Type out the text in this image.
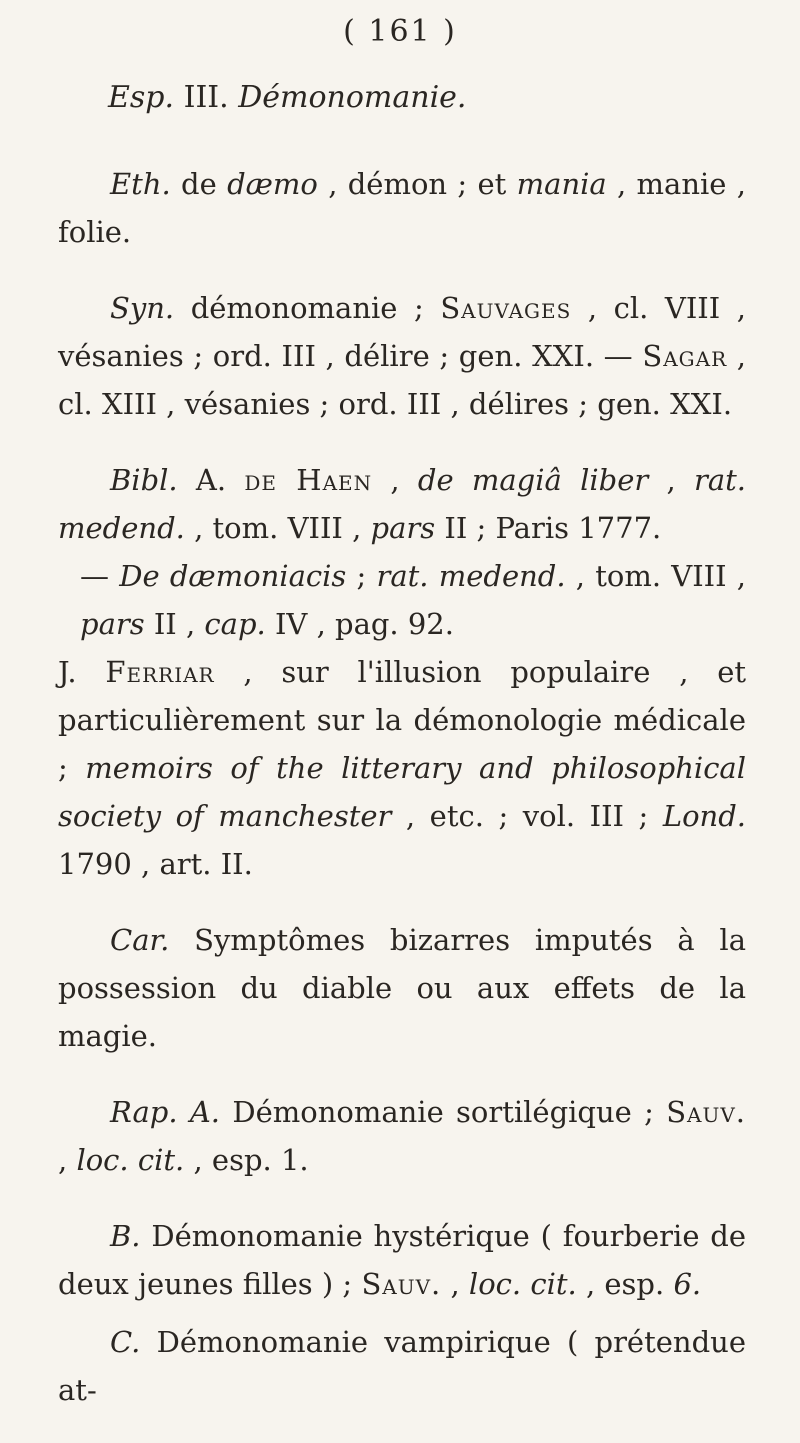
( 161 )
Esp. III. Démonomanie.

Eth. de dæmo , démon ; et mania , manie , folie.

Syn. démonomanie ; Sauvages , cl. VIII , vésanies ; ord. III , délire ; gen. XXI. — Sagar , cl. XIII , vésanies ; ord. III , délires ; gen. XXI.

Bibl. A. de Haen , de magiâ liber , rat. medend. , tom. VIII , pars II ; Paris 1777.

— De dæmoniacis ; rat. medend. , tom. VIII , pars II , cap. IV , pag. 92.

J. Ferriar , sur l'illusion populaire , et particulièrement sur la démonologie médicale ; memoirs of the litterary and philosophical society of manchester , etc. ; vol. III ; Lond. 1790 , art. II.

Car. Symptômes bizarres imputés à la possession du diable ou aux effets de la magie.

Rap. A. Démonomanie sortilégique ; Sauv. , loc. cit. , esp. 1.

B. Démonomanie hystérique ( fourberie de deux jeunes filles ) ; Sauv. , loc. cit. , esp. 6.

C. Démonomanie vampirique ( prétendue at-
